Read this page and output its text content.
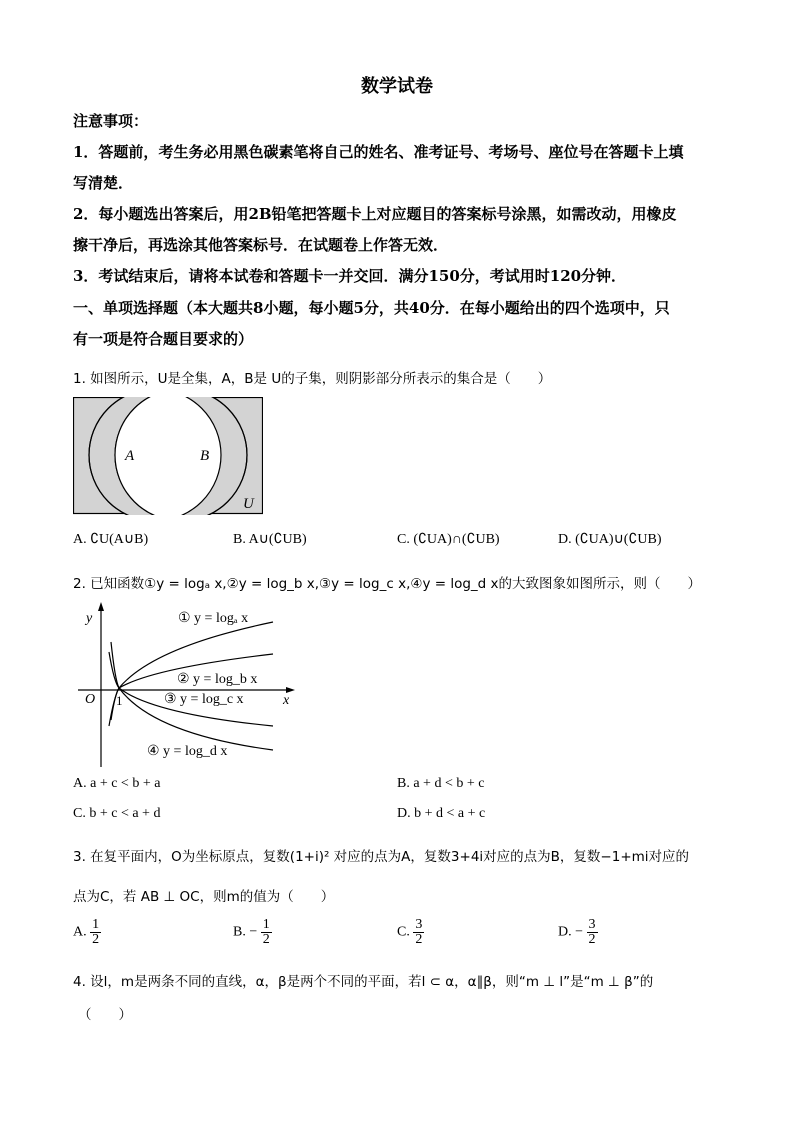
数学试卷
注意事项：
1．答题前，考生务必用黑色碳素笔将自己的姓名、准考证号、考场号、座位号在答题卡上填
写清楚．
2．每小题选出答案后，用2B铅笔把答题卡上对应题目的答案标号涂黑，如需改动，用橡皮
擦干净后，再选涂其他答案标号．在试题卷上作答无效．
3．考试结束后，请将本试卷和答题卡一并交回．满分150分，考试用时120分钟．
一、单项选择题（本大题共8小题，每小题5分，共40分．在每小题给出的四个选项中，只
有一项是符合题目要求的）
1. 如图所示，U是全集，A，B是 U的子集，则阴影部分所表示的集合是（　　）
A	B
U
A. ∁U(A∪B)	B. A∪(∁UB)	C. (∁UA)∩(∁UB)	D. (∁UA)∪(∁UB)
2. 已知函数①y = logₐ x,②y = log_b x,③y = log_c x,④y = log_d x的大致图象如图所示，则（　　）
y
x
O 1
① y = logₐ x
② y = log_b x
③ y = log_c x
④ y = log_d x
A. a + c < b + a	B. a + d < b + c
C. b + c < a + d	D. b + d < a + c
3. 在复平面内，O为坐标原点，复数(1+i)² 对应的点为A，复数3+4i对应的点为B，复数−1+mi对应的
点为C，若 AB ⊥ OC，则m的值为（　　）
A. $\frac{1}{2}$	B. − $\frac{1}{2}$	C. $\frac{3}{2}$	D. − $\frac{3}{2}$
4. 设l，m是两条不同的直线，α，β是两个不同的平面，若l ⊂ α，α∥β，则“m ⊥ l”是“m ⊥ β”的
（　　）
